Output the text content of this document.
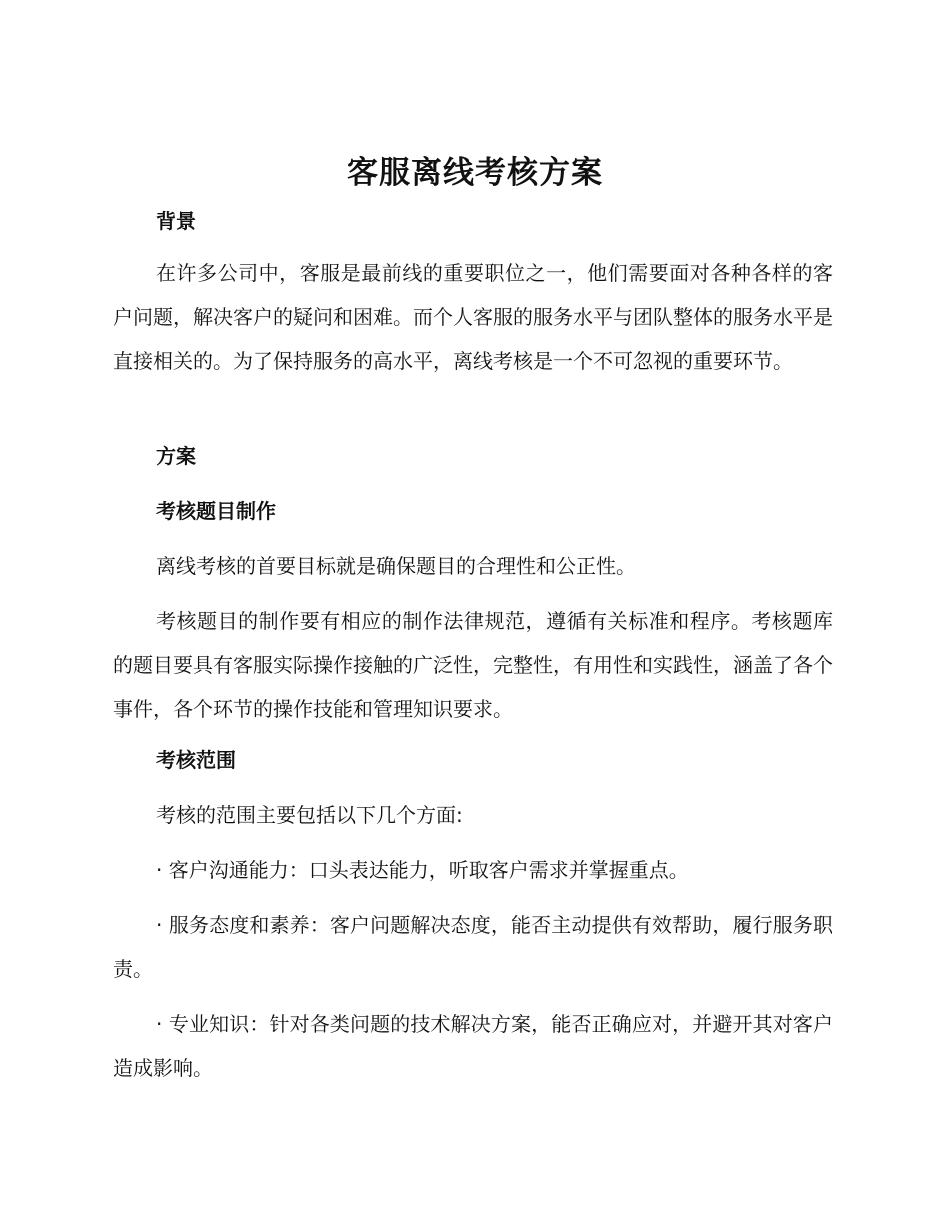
客服离线考核方案
背景

在许多公司中，客服是最前线的重要职位之一，他们需要面对各种各样的客户问题，解决客户的疑问和困难。而个人客服的服务水平与团队整体的服务水平是直接相关的。为了保持服务的高水平，离线考核是一个不可忽视的重要环节。

方案
考核题目制作

离线考核的首要目标就是确保题目的合理性和公正性。

考核题目的制作要有相应的制作法律规范，遵循有关标准和程序。考核题库的题目要具有客服实际操作接触的广泛性，完整性，有用性和实践性，涵盖了各个事件，各个环节的操作技能和管理知识要求。

考核范围

考核的范围主要包括以下几个方面:

· 客户沟通能力：口头表达能力，听取客户需求并掌握重点。

· 服务态度和素养：客户问题解决态度，能否主动提供有效帮助，履行服务职责。

· 专业知识：针对各类问题的技术解决方案，能否正确应对，并避开其对客户造成影响。
